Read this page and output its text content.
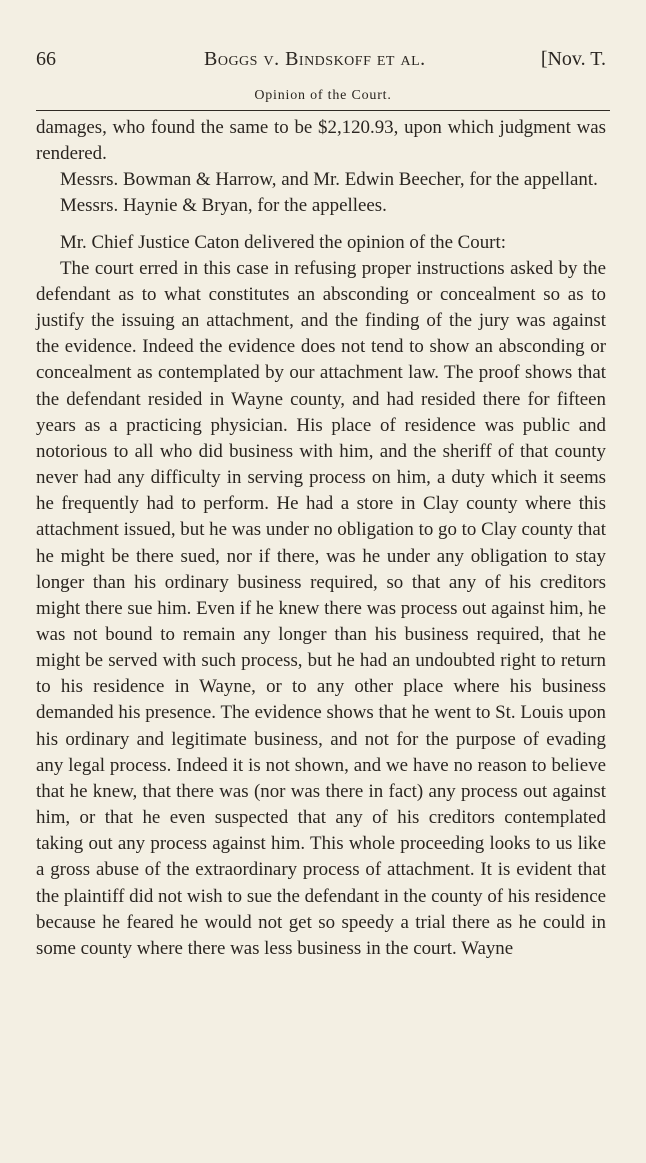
66	Boggs v. Bindskoff et al.	[Nov. T.
Opinion of the Court.

damages, who found the same to be $2,120.93, upon which judgment was rendered.

Messrs. Bowman & Harrow, and Mr. Edwin Beecher, for the appellant.

Messrs. Haynie & Bryan, for the appellees.

Mr. Chief Justice Caton delivered the opinion of the Court:

The court erred in this case in refusing proper instructions asked by the defendant as to what constitutes an absconding or concealment so as to justify the issuing an attachment, and the finding of the jury was against the evidence. Indeed the evidence does not tend to show an absconding or concealment as contemplated by our attachment law. The proof shows that the defendant resided in Wayne county, and had resided there for fifteen years as a practicing physician. His place of residence was public and notorious to all who did business with him, and the sheriff of that county never had any difficulty in serving process on him, a duty which it seems he frequently had to perform. He had a store in Clay county where this attachment issued, but he was under no obligation to go to Clay county that he might be there sued, nor if there, was he under any obligation to stay longer than his ordinary business required, so that any of his creditors might there sue him. Even if he knew there was process out against him, he was not bound to remain any longer than his business required, that he might be served with such process, but he had an undoubted right to return to his residence in Wayne, or to any other place where his business demanded his presence. The evidence shows that he went to St. Louis upon his ordinary and legitimate business, and not for the purpose of evading any legal process. Indeed it is not shown, and we have no reason to believe that he knew, that there was (nor was there in fact) any process out against him, or that he even suspected that any of his creditors contemplated taking out any process against him. This whole proceeding looks to us like a gross abuse of the extraordinary process of attachment. It is evident that the plaintiff did not wish to sue the defendant in the county of his residence because he feared he would not get so speedy a trial there as he could in some county where there was less business in the court. Wayne
